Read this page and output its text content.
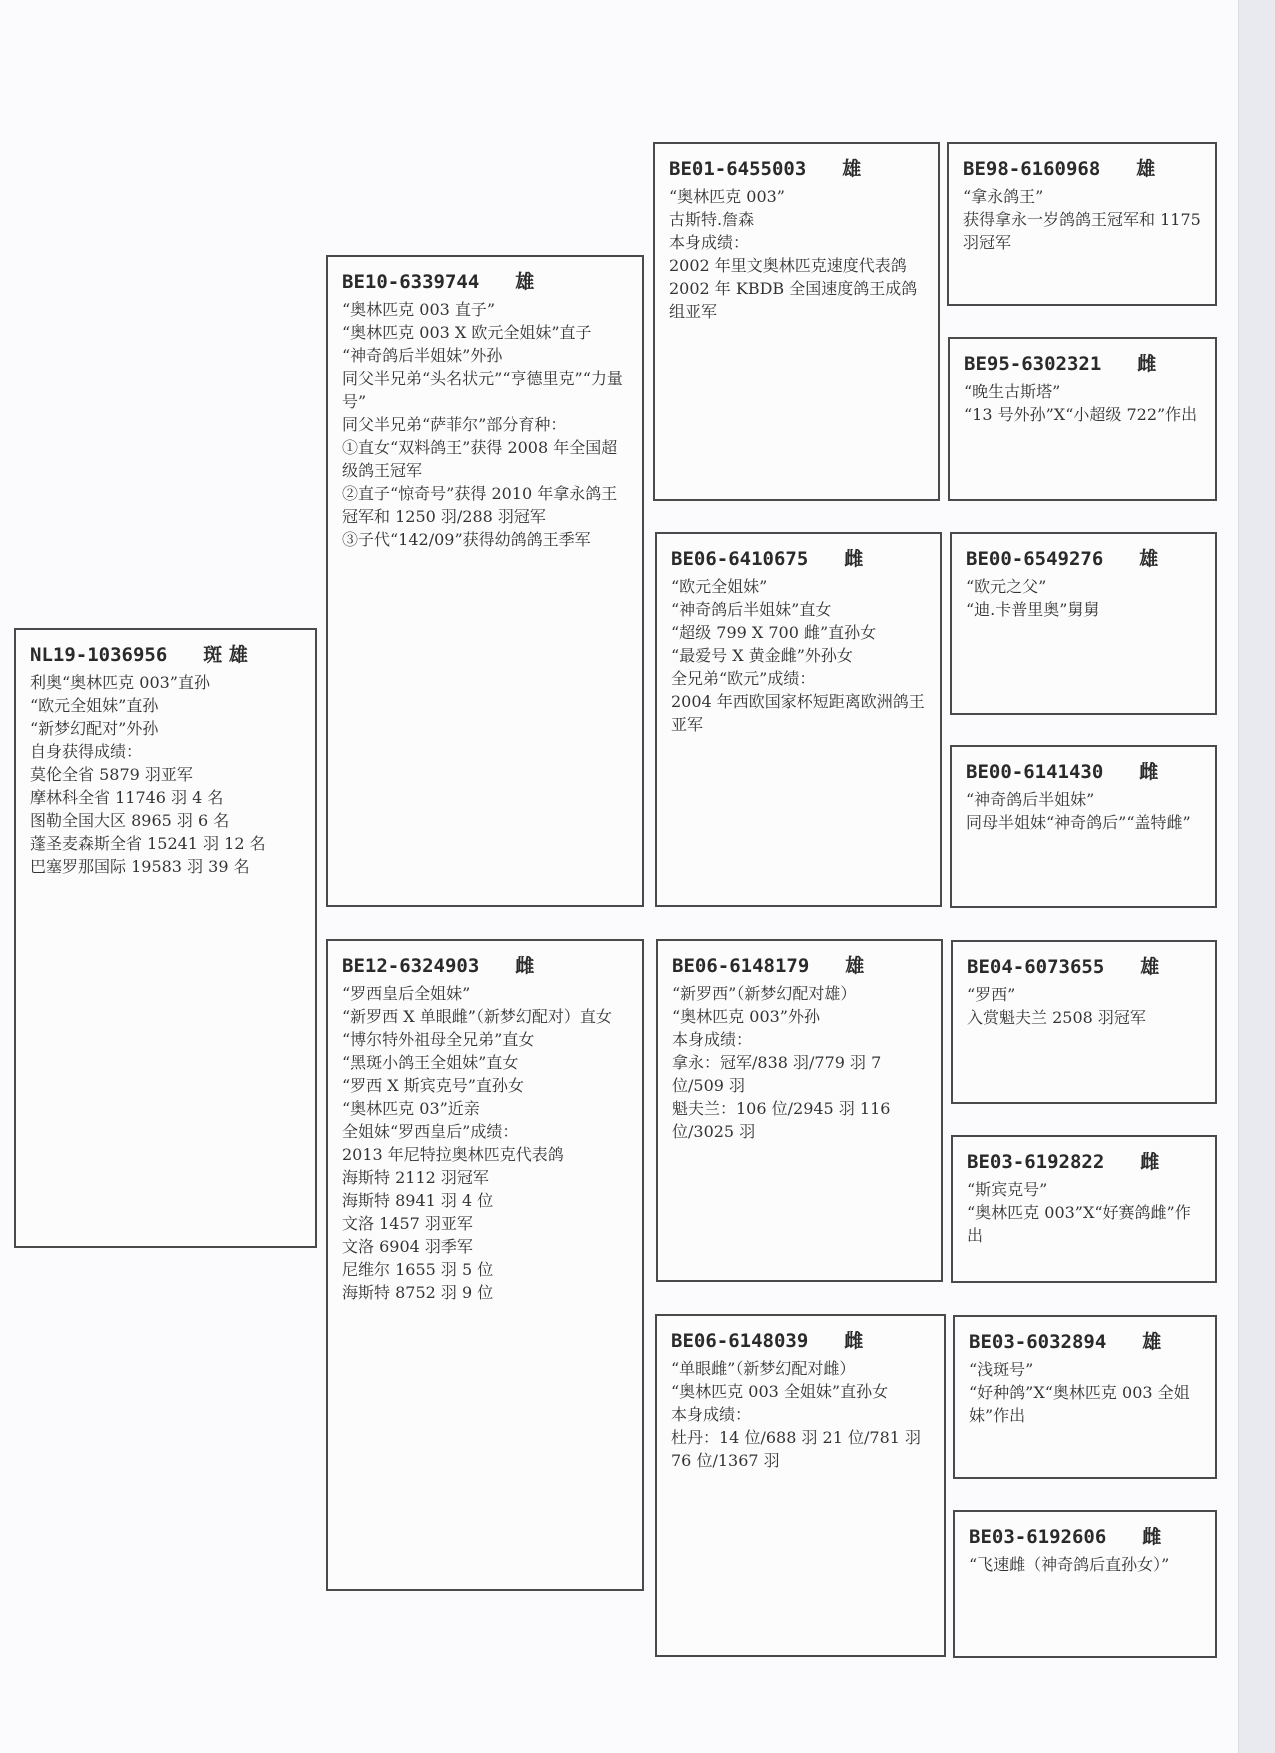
NL19-1036956 斑 雄
利奥“奥林匹克 003”直孙
“欧元全姐妹”直孙
“新梦幻配对”外孙
自身获得成绩：
莫伦全省 5879 羽亚军
摩林科全省 11746 羽 4 名
图勒全国大区 8965 羽 6 名
蓬圣麦森斯全省 15241 羽 12 名
巴塞罗那国际 19583 羽 39 名
BE10-6339744 雄
“奥林匹克 003 直子”
“奥林匹克 003 X 欧元全姐妹”直子
“神奇鸽后半姐妹”外孙
同父半兄弟“头名状元”“亨德里克”“力量号”
同父半兄弟“萨菲尔”部分育种：
①直女“双料鸽王”获得 2008 年全国超级鸽王冠军
②直子“惊奇号”获得 2010 年拿永鸽王冠军和 1250 羽/288 羽冠军
③子代“142/09”获得幼鸽鸽王季军
BE12-6324903 雌
“罗西皇后全姐妹”
“新罗西 X 单眼雌”（新梦幻配对）直女
“博尔特外祖母全兄弟”直女
“黑斑小鸽王全姐妹”直女
“罗西 X 斯宾克号”直孙女
“奥林匹克 03”近亲
全姐妹“罗西皇后”成绩：
2013 年尼特拉奥林匹克代表鸽
海斯特 2112 羽冠军
海斯特 8941 羽 4 位
文洛 1457 羽亚军
文洛 6904 羽季军
尼维尔 1655 羽 5 位
海斯特 8752 羽 9 位
BE01-6455003 雄
“奥林匹克 003”
古斯特.詹森
本身成绩：
2002 年里文奥林匹克速度代表鸽
2002 年 KBDB 全国速度鸽王成鸽组亚军
BE06-6410675 雌
“欧元全姐妹”
“神奇鸽后半姐妹”直女
“超级 799 X 700 雌”直孙女
“最爱号 X 黄金雌”外孙女
全兄弟“欧元”成绩：
2004 年西欧国家杯短距离欧洲鸽王亚军
BE06-6148179 雄
“新罗西”（新梦幻配对雄）
“奥林匹克 003”外孙
本身成绩：
拿永：冠军/838 羽/779 羽 7 位/509 羽
魁夫兰：106 位/2945 羽 116 位/3025 羽
BE06-6148039 雌
“单眼雌”（新梦幻配对雌）
“奥林匹克 003 全姐妹”直孙女
本身成绩：
杜丹：14 位/688 羽 21 位/781 羽 76 位/1367 羽
BE98-6160968 雄
“拿永鸽王”
获得拿永一岁鸽鸽王冠军和 1175 羽冠军
BE95-6302321 雌
“晚生古斯塔”
“13 号外孙”X“小超级 722”作出
BE00-6549276 雄
“欧元之父”
“迪.卡普里奥”舅舅
BE00-6141430 雌
“神奇鸽后半姐妹”
同母半姐妹“神奇鸽后”“盖特雌”
BE04-6073655 雄
“罗西”
入赏魁夫兰 2508 羽冠军
BE03-6192822 雌
“斯宾克号”
“奥林匹克 003”X“好赛鸽雌”作出
BE03-6032894 雄
“浅斑号”
“好种鸽”X“奥林匹克 003 全姐妹”作出
BE03-6192606 雌
“飞速雌（神奇鸽后直孙女）”
